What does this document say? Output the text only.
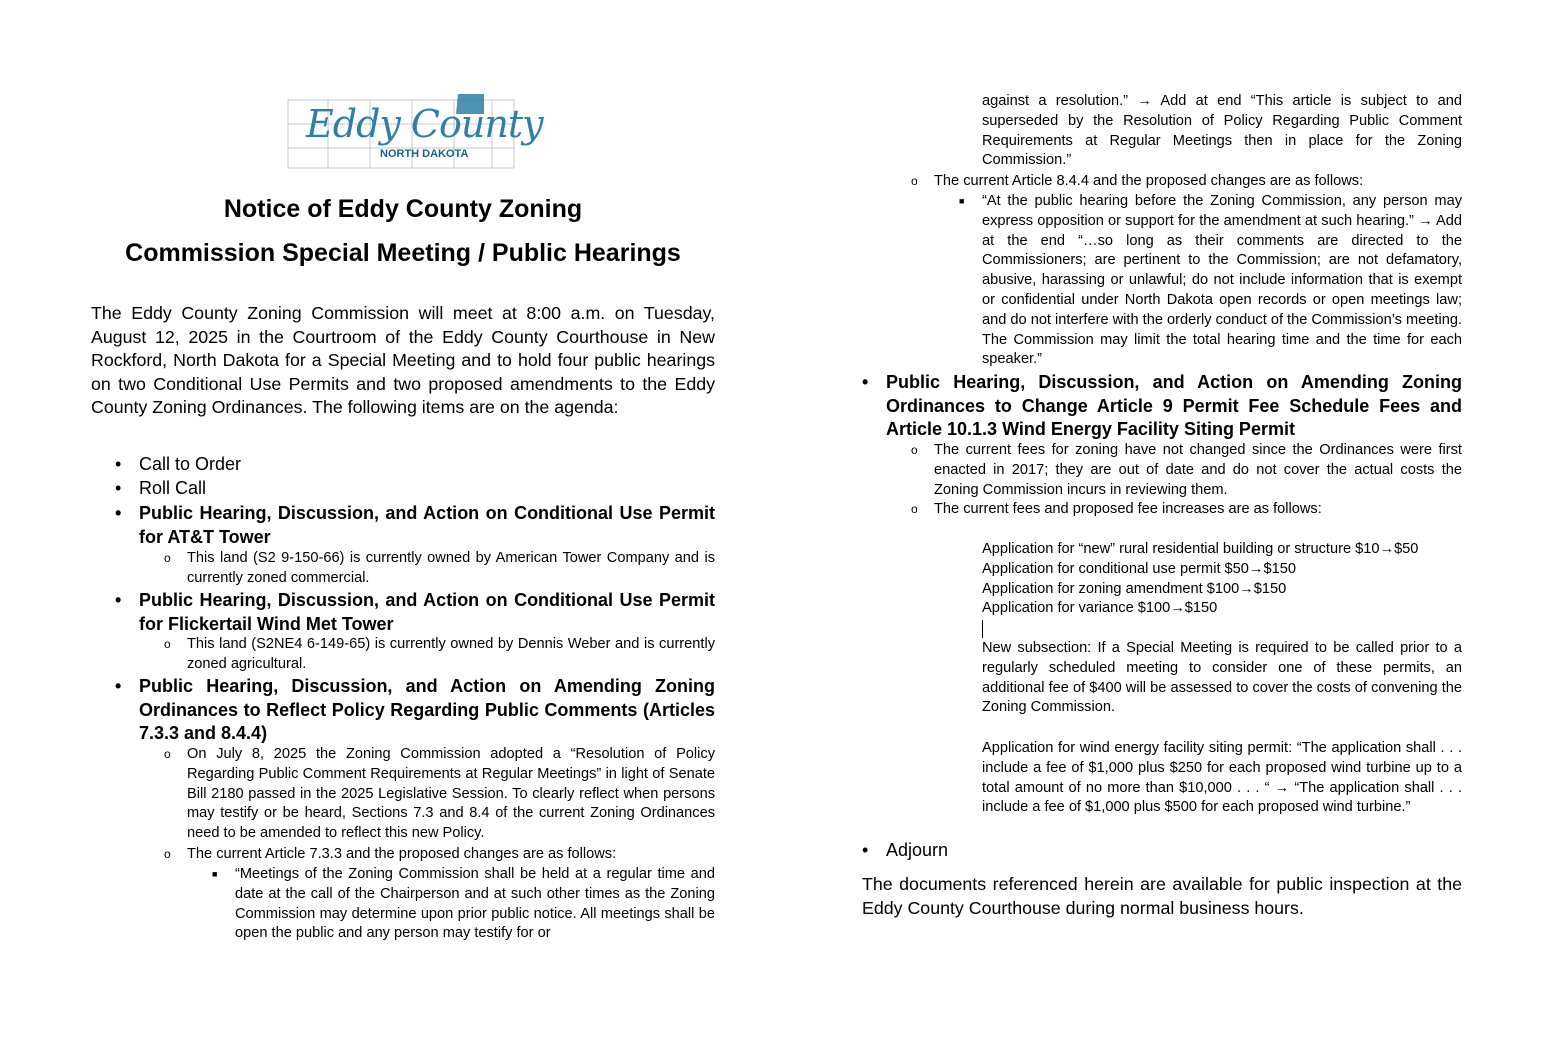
Eddy County
NORTH DAKOTA
Notice of Eddy County Zoning
Commission Special Meeting / Public Hearings

The Eddy County Zoning Commission will meet at 8:00 a.m. on Tuesday, August 12, 2025 in the Courtroom of the Eddy County Courthouse in New Rockford, North Dakota for a Special Meeting and to hold four public hearings on two Conditional Use Permits and two proposed amendments to the Eddy County Zoning Ordinances. The following items are on the agenda:

• Call to Order
• Roll Call
• Public Hearing, Discussion, and Action on Conditional Use Permit for AT&T Tower
o This land (S2 9-150-66) is currently owned by American Tower Company and is currently zoned commercial.
• Public Hearing, Discussion, and Action on Conditional Use Permit for Flickertail Wind Met Tower
o This land (S2NE4 6-149-65) is currently owned by Dennis Weber and is currently zoned agricultural.
• Public Hearing, Discussion, and Action on Amending Zoning Ordinances to Reflect Policy Regarding Public Comments (Articles 7.3.3 and 8.4.4)
o On July 8, 2025 the Zoning Commission adopted a “Resolution of Policy Regarding Public Comment Requirements at Regular Meetings” in light of Senate Bill 2180 passed in the 2025 Legislative Session. To clearly reflect when persons may testify or be heard, Sections 7.3 and 8.4 of the current Zoning Ordinances need to be amended to reflect this new Policy.
o The current Article 7.3.3 and the proposed changes are as follows:
■ “Meetings of the Zoning Commission shall be held at a regular time and date at the call of the Chairperson and at such other times as the Zoning Commission may determine upon prior public notice. All meetings shall be open the public and any person may testify for or
against a resolution.” → Add at end “This article is subject to and superseded by the Resolution of Policy Regarding Public Comment Requirements at Regular Meetings then in place for the Zoning Commission.”
o The current Article 8.4.4 and the proposed changes are as follows:
■ “At the public hearing before the Zoning Commission, any person may express opposition or support for the amendment at such hearing.” → Add at the end “…so long as their comments are directed to the Commissioners; are pertinent to the Commission; are not defamatory, abusive, harassing or unlawful; do not include information that is exempt or confidential under North Dakota open records or open meetings law; and do not interfere with the orderly conduct of the Commission’s meeting. The Commission may limit the total hearing time and the time for each speaker.”
• Public Hearing, Discussion, and Action on Amending Zoning Ordinances to Change Article 9 Permit Fee Schedule Fees and Article 10.1.3 Wind Energy Facility Siting Permit
o The current fees for zoning have not changed since the Ordinances were first enacted in 2017; they are out of date and do not cover the actual costs the Zoning Commission incurs in reviewing them.
o The current fees and proposed fee increases are as follows:
Application for “new” rural residential building or structure $10→$50
Application for conditional use permit $50→$150
Application for zoning amendment $100→$150
Application for variance $100→$150
New subsection: If a Special Meeting is required to be called prior to a regularly scheduled meeting to consider one of these permits, an additional fee of $400 will be assessed to cover the costs of convening the Zoning Commission.
Application for wind energy facility siting permit: “The application shall . . . include a fee of $1,000 plus $250 for each proposed wind turbine up to a total amount of no more than $10,000 . . . “ → “The application shall . . . include a fee of $1,000 plus $500 for each proposed wind turbine.”
• Adjourn

The documents referenced herein are available for public inspection at the Eddy County Courthouse during normal business hours.
